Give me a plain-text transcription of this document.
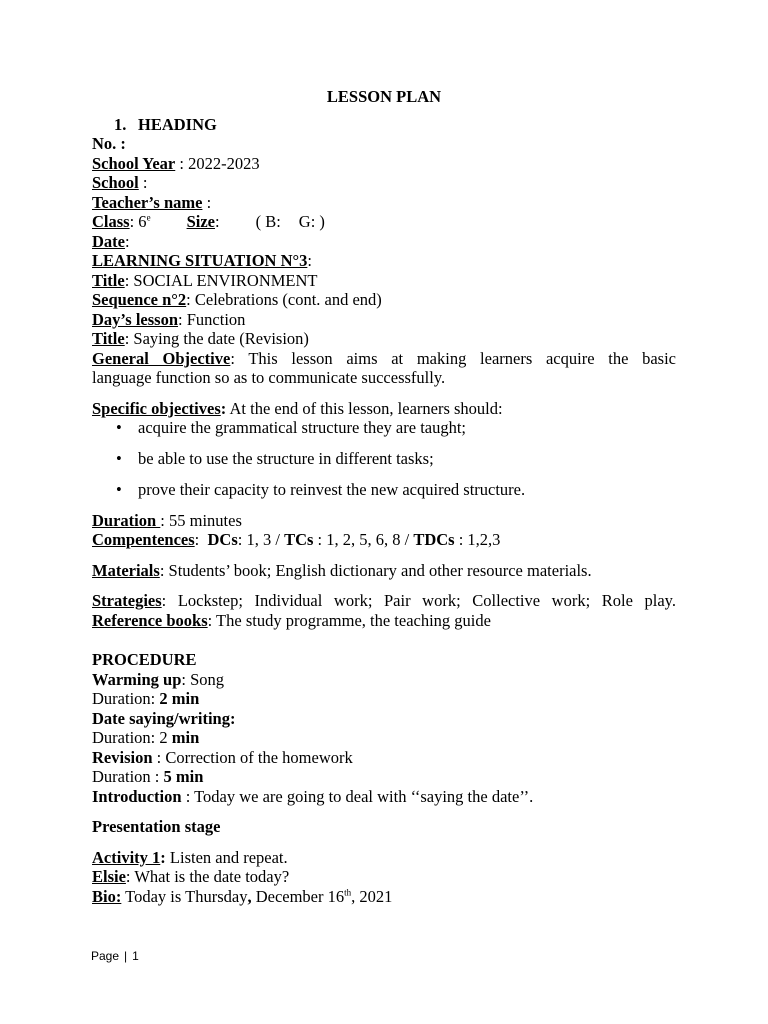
LESSON PLAN
1. HEADING
No. :
School Year : 2022-2023
School :
Teacher’s name :
Class: 6e Size: ( B: G: )
Date:
LEARNING SITUATION N°3:
Title: SOCIAL ENVIRONMENT
Sequence n°2: Celebrations (cont. and end)
Day’s lesson: Function
Title: Saying the date (Revision)
General Objective: This lesson aims at making learners acquire the basic
language function so as to communicate successfully.
Specific objectives: At the end of this lesson, learners should:
• acquire the grammatical structure they are taught;
• be able to use the structure in different tasks;
• prove their capacity to reinvest the new acquired structure.
Duration : 55 minutes
Compentences: DCs: 1, 3 / TCs : 1, 2, 5, 6, 8 / TDCs : 1,2,3
Materials: Students’ book; English dictionary and other resource materials.
Strategies: Lockstep; Individual work; Pair work; Collective work; Role play.
Reference books: The study programme, the teaching guide
PROCEDURE
Warming up: Song
Duration: 2 min
Date saying/writing:
Duration: 2 min
Revision : Correction of the homework
Duration : 5 min
Introduction : Today we are going to deal with ‘‘saying the date’’.
Presentation stage
Activity 1: Listen and repeat.
Elsie: What is the date today?
Bio: Today is Thursday, December 16th, 2021
Page | 1
